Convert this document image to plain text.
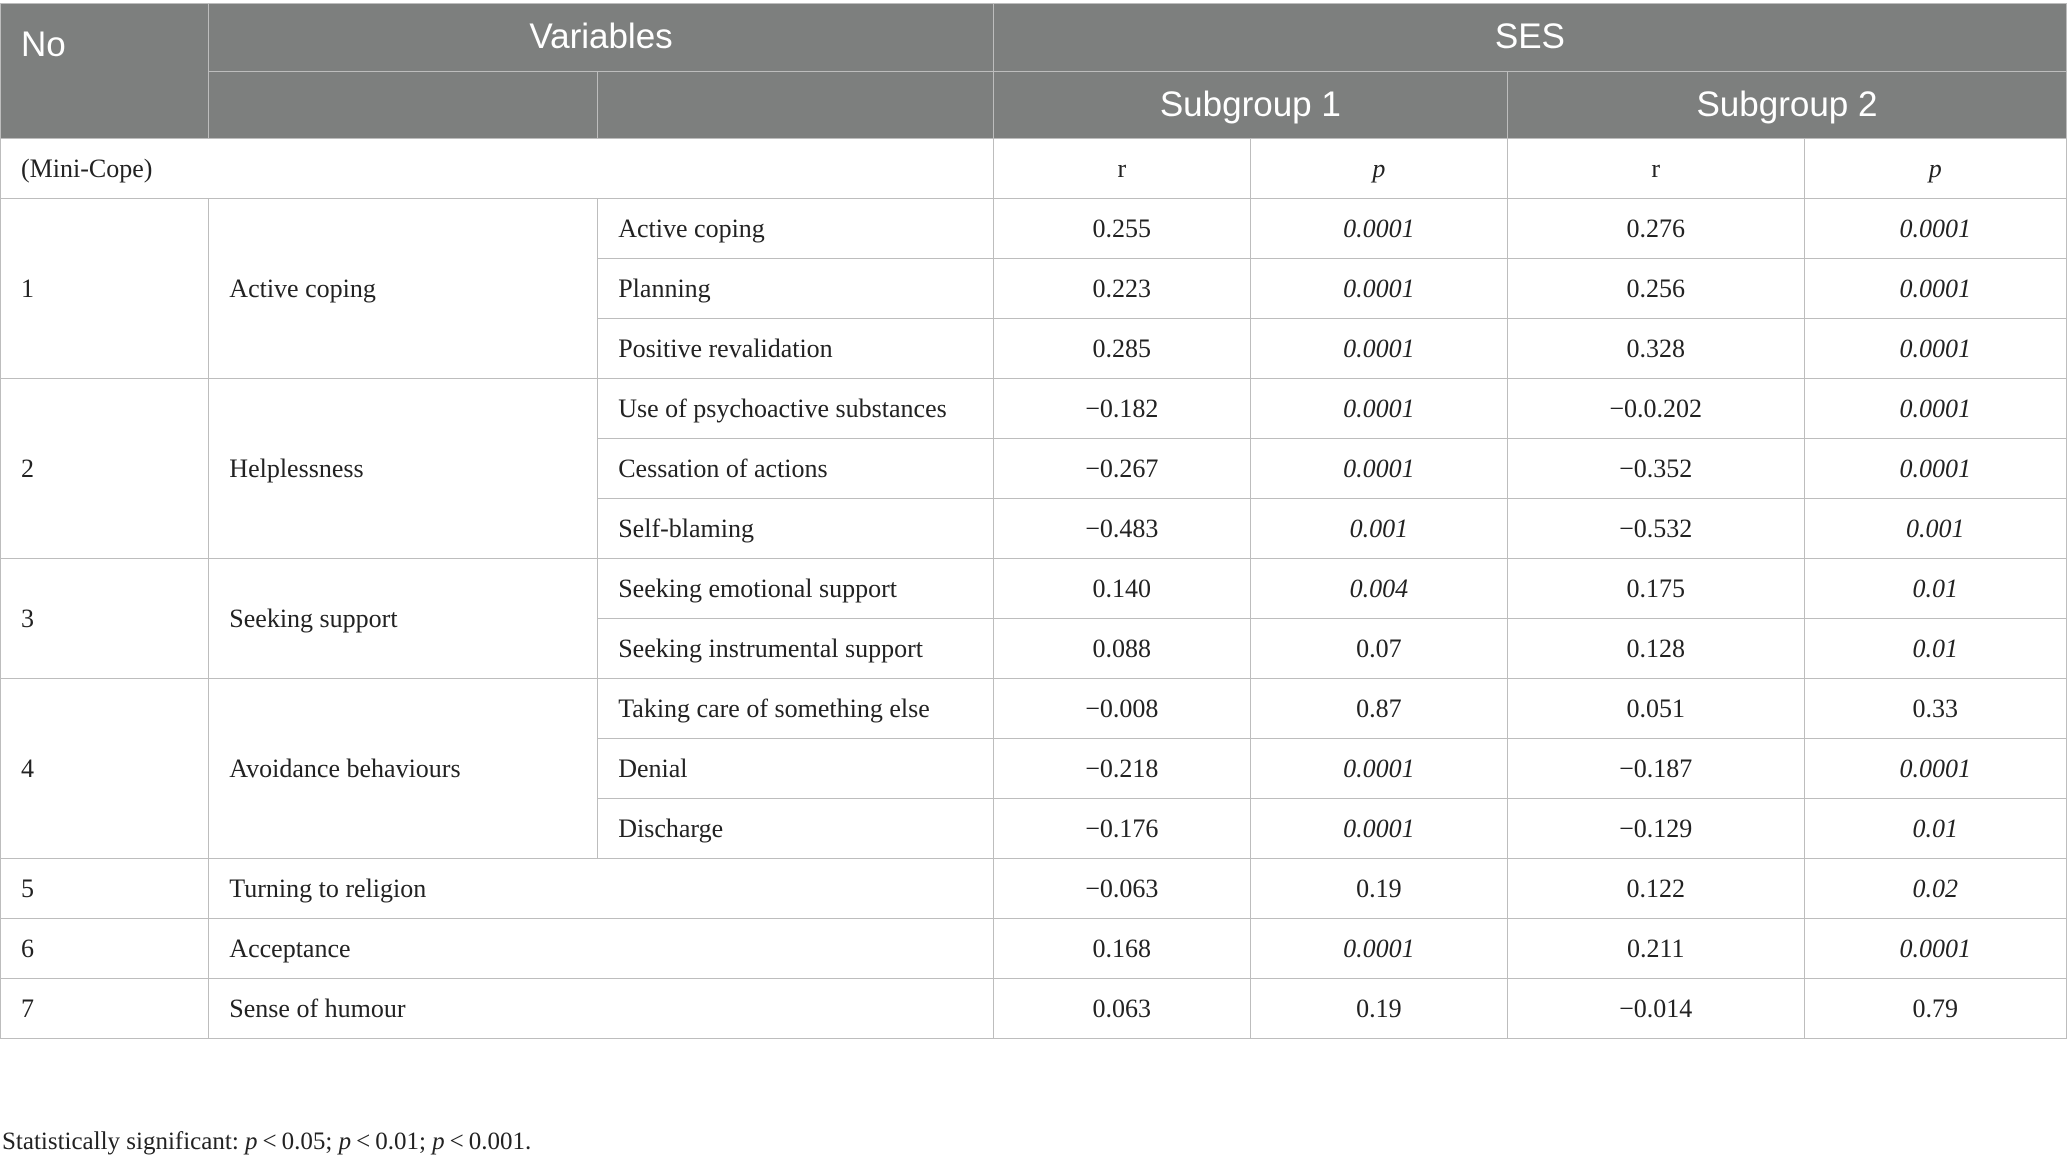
No	Variables		SES			
			Subgroup 1		Subgroup 2	
(Mini-Cope)			r	p	r	p
1	Active coping	Active coping	0.255	0.0001	0.276	0.0001
		Planning	0.223	0.0001	0.256	0.0001
		Positive revalidation	0.285	0.0001	0.328	0.0001
2	Helplessness	Use of psychoactive substances	−0.182	0.0001	−0.0.202	0.0001
		Cessation of actions	−0.267	0.0001	−0.352	0.0001
		Self-blaming	−0.483	0.001	−0.532	0.001
3	Seeking support	Seeking emotional support	0.140	0.004	0.175	0.01
		Seeking instrumental support	0.088	0.07	0.128	0.01
4	Avoidance behaviours	Taking care of something else	−0.008	0.87	0.051	0.33
		Denial	−0.218	0.0001	−0.187	0.0001
		Discharge	−0.176	0.0001	−0.129	0.01
5	Turning to religion		−0.063	0.19	0.122	0.02
6	Acceptance		0.168	0.0001	0.211	0.0001
7	Sense of humour		0.063	0.19	−0.014	0.79
Statistically significant: p < 0.05; p < 0.01; p < 0.001.
